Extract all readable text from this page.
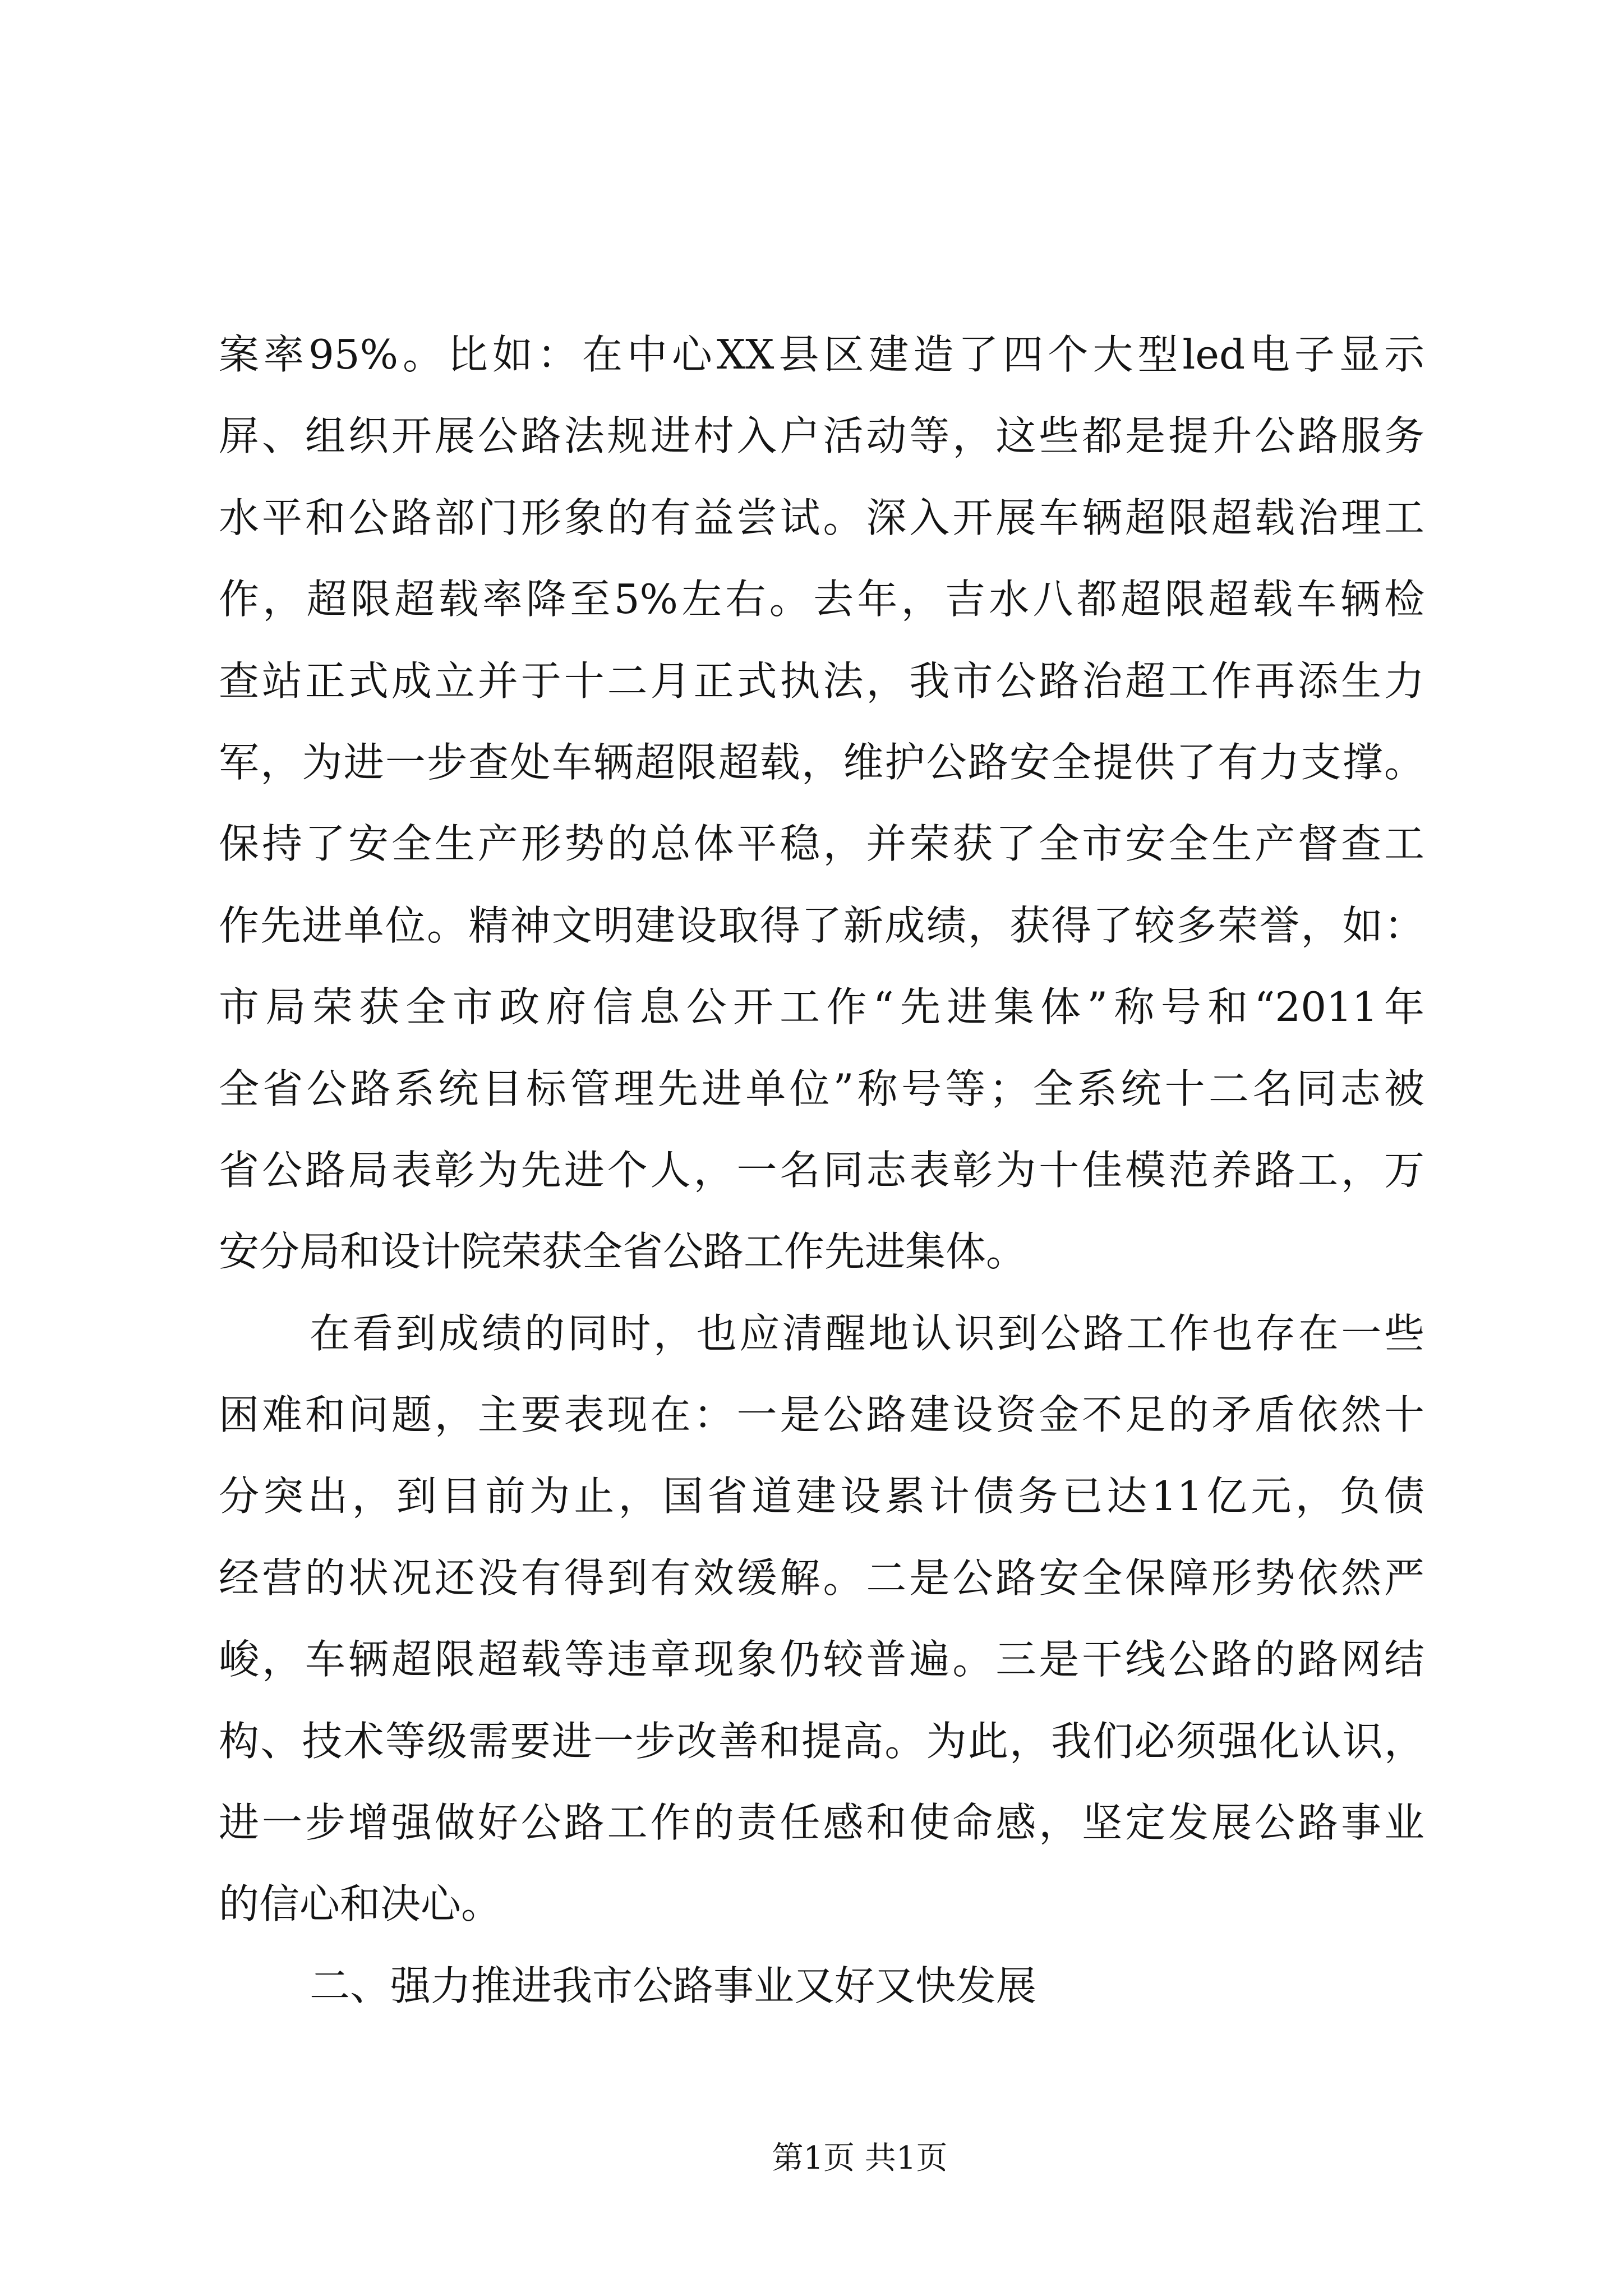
案率95%。比如：在中心XX县区建造了四个大型led电子显示
屏、组织开展公路法规进村入户活动等，这些都是提升公路服务
水平和公路部门形象的有益尝试。深入开展车辆超限超载治理工
作，超限超载率降至5%左右。去年，吉水八都超限超载车辆检
查站正式成立并于十二月正式执法，我市公路治超工作再添生力
军，为进一步查处车辆超限超载，维护公路安全提供了有力支撑。
保持了安全生产形势的总体平稳，并荣获了全市安全生产督查工
作先进单位。精神文明建设取得了新成绩，获得了较多荣誉，如：
市局荣获全市政府信息公开工作“先进集体”称号和“2011年
全省公路系统目标管理先进单位”称号等；全系统十二名同志被
省公路局表彰为先进个人，一名同志表彰为十佳模范养路工，万
安分局和设计院荣获全省公路工作先进集体。
在看到成绩的同时，也应清醒地认识到公路工作也存在一些
困难和问题，主要表现在：一是公路建设资金不足的矛盾依然十
分突出，到目前为止，国省道建设累计债务已达11亿元，负债
经营的状况还没有得到有效缓解。二是公路安全保障形势依然严
峻，车辆超限超载等违章现象仍较普遍。三是干线公路的路网结
构、技术等级需要进一步改善和提高。为此，我们必须强化认识，
进一步增强做好公路工作的责任感和使命感，坚定发展公路事业
的信心和决心。
二、强力推进我市公路事业又好又快发展
第1页 共1页
